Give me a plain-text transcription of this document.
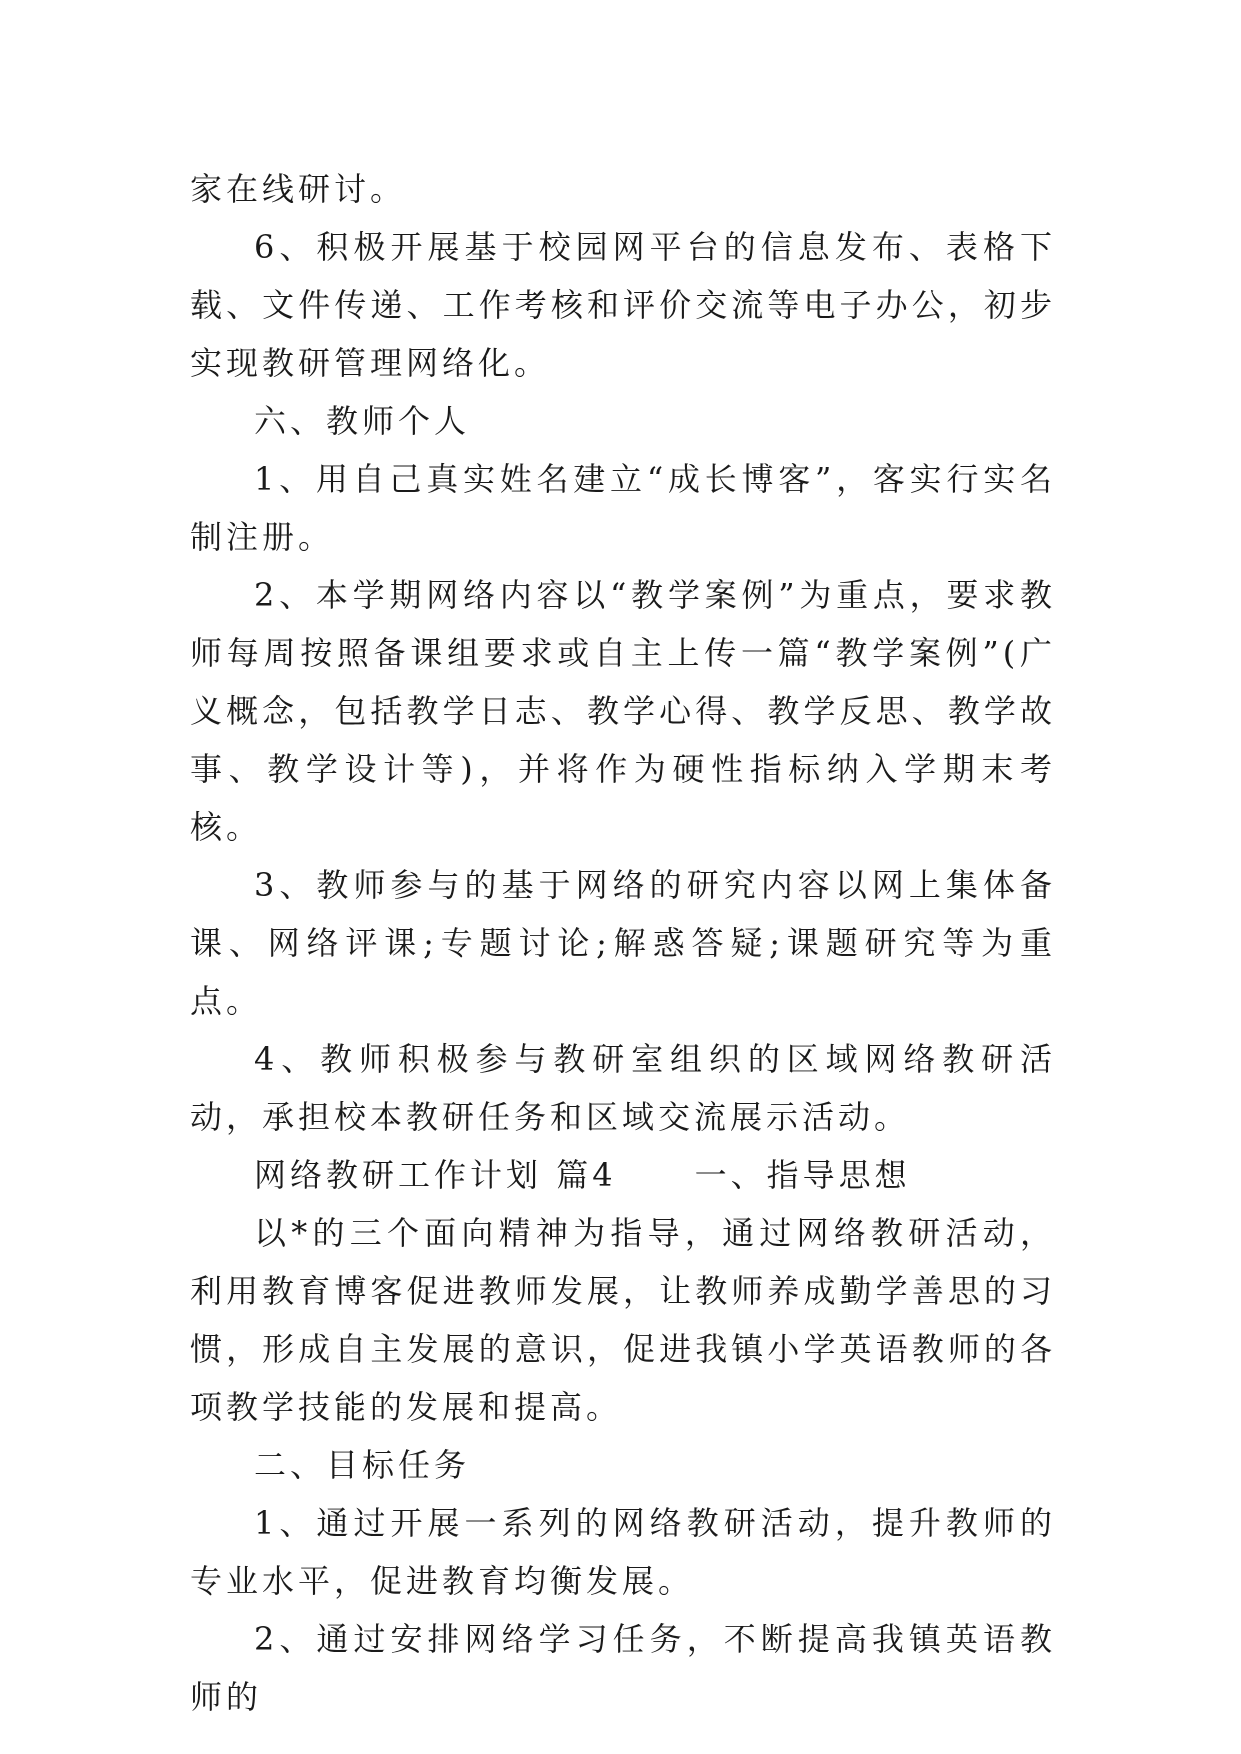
家在线研讨。

6、积极开展基于校园网平台的信息发布、表格下载、文件传递、工作考核和评价交流等电子办公，初步实现教研管理网络化。

六、教师个人

1、用自己真实姓名建立“成长博客”，客实行实名制注册。

2、本学期网络内容以“教学案例”为重点，要求教师每周按照备课组要求或自主上传一篇“教学案例”(广义概念，包括教学日志、教学心得、教学反思、教学故事、教学设计等)，并将作为硬性指标纳入学期末考核。

3、教师参与的基于网络的研究内容以网上集体备课、网络评课;专题讨论;解惑答疑;课题研究等为重点。

4、教师积极参与教研室组织的区域网络教研活动，承担校本教研任务和区域交流展示活动。

网络教研工作计划 篇4 一、指导思想

以*的三个面向精神为指导，通过网络教研活动，利用教育博客促进教师发展，让教师养成勤学善思的习惯，形成自主发展的意识，促进我镇小学英语教师的各项教学技能的发展和提高。

二、目标任务

1、通过开展一系列的网络教研活动，提升教师的专业水平，促进教育均衡发展。

2、通过安排网络学习任务，不断提高我镇英语教师的
